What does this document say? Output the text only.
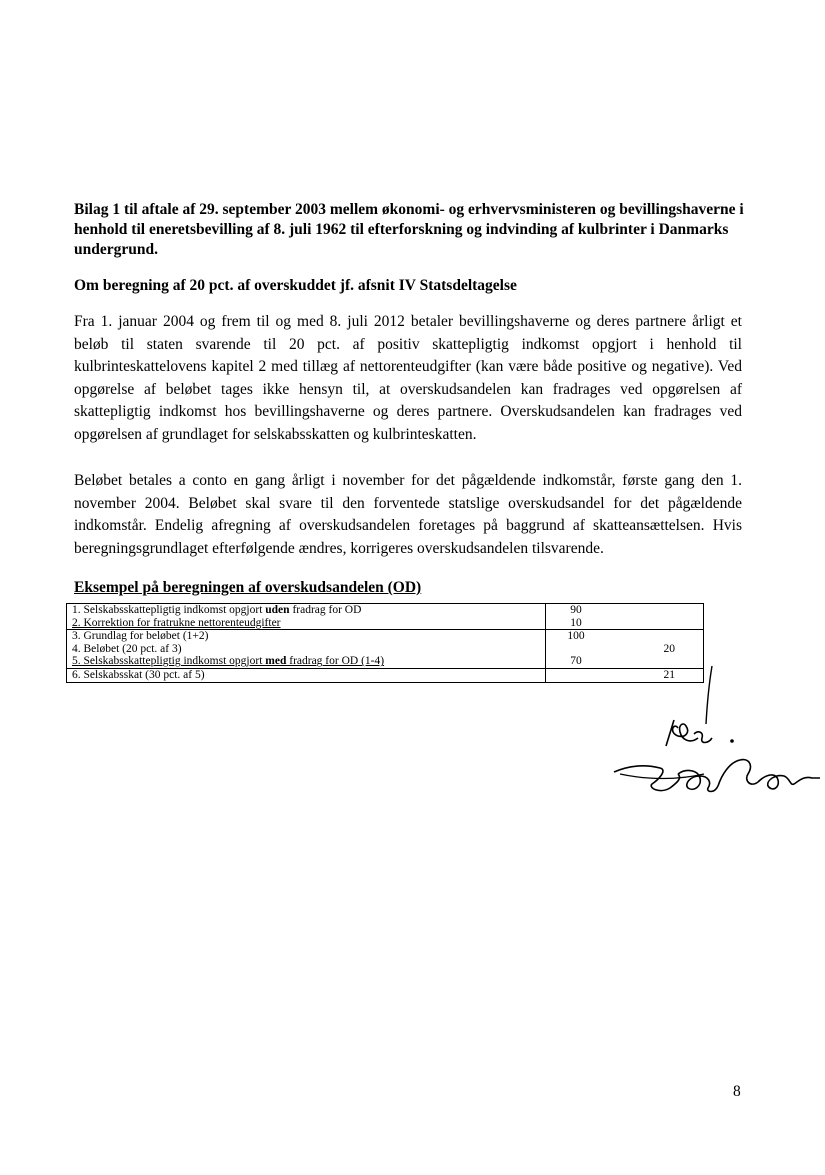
Bilag 1 til aftale af 29. september 2003 mellem økonomi- og erhvervsministeren og bevillingshaverne i henhold til eneretsbevilling af 8. juli 1962 til efterforskning og indvinding af kulbrinter i Danmarks undergrund.
Om beregning af 20 pct. af overskuddet jf. afsnit IV Statsdeltagelse
Fra 1. januar 2004 og frem til og med 8. juli 2012 betaler bevillingshaverne og deres partnere årligt et beløb til staten svarende til 20 pct. af positiv skattepligtig indkomst opgjort i henhold til kulbrinteskattelovens kapitel 2 med tillæg af nettorenteudgifter (kan være både positive og negative). Ved opgørelse af beløbet tages ikke hensyn til, at overskudsandelen kan fradrages ved opgørelsen af skattepligtig indkomst hos bevillingshaverne og deres partnere. Overskudsandelen kan fradrages ved opgørelsen af grundlaget for selskabsskatten og kulbrinteskatten.
Beløbet betales a conto en gang årligt i november for det pågældende indkomstår, første gang den 1. november 2004. Beløbet skal svare til den forventede statslige overskudsandel for det pågældende indkomstår. Endelig afregning af overskudsandelen foretages på baggrund af skatteansættelsen. Hvis beregningsgrundlaget efterfølgende ændres, korrigeres overskudsandelen tilsvarende.
Eksempel på beregningen af overskudsandelen (OD)
1. Selskabsskattepligtig indkomst opgjort uden fradrag for OD	90	
2. Korrektion for fratrukne nettorenteudgifter	10	
3. Grundlag for beløbet (1+2)	100	
4. Beløbet (20 pct. af 3)		20
5. Selskabsskattepligtig indkomst opgjort med fradrag for OD (1-4)	70	
6. Selskabsskat (30 pct. af 5)		21
8
